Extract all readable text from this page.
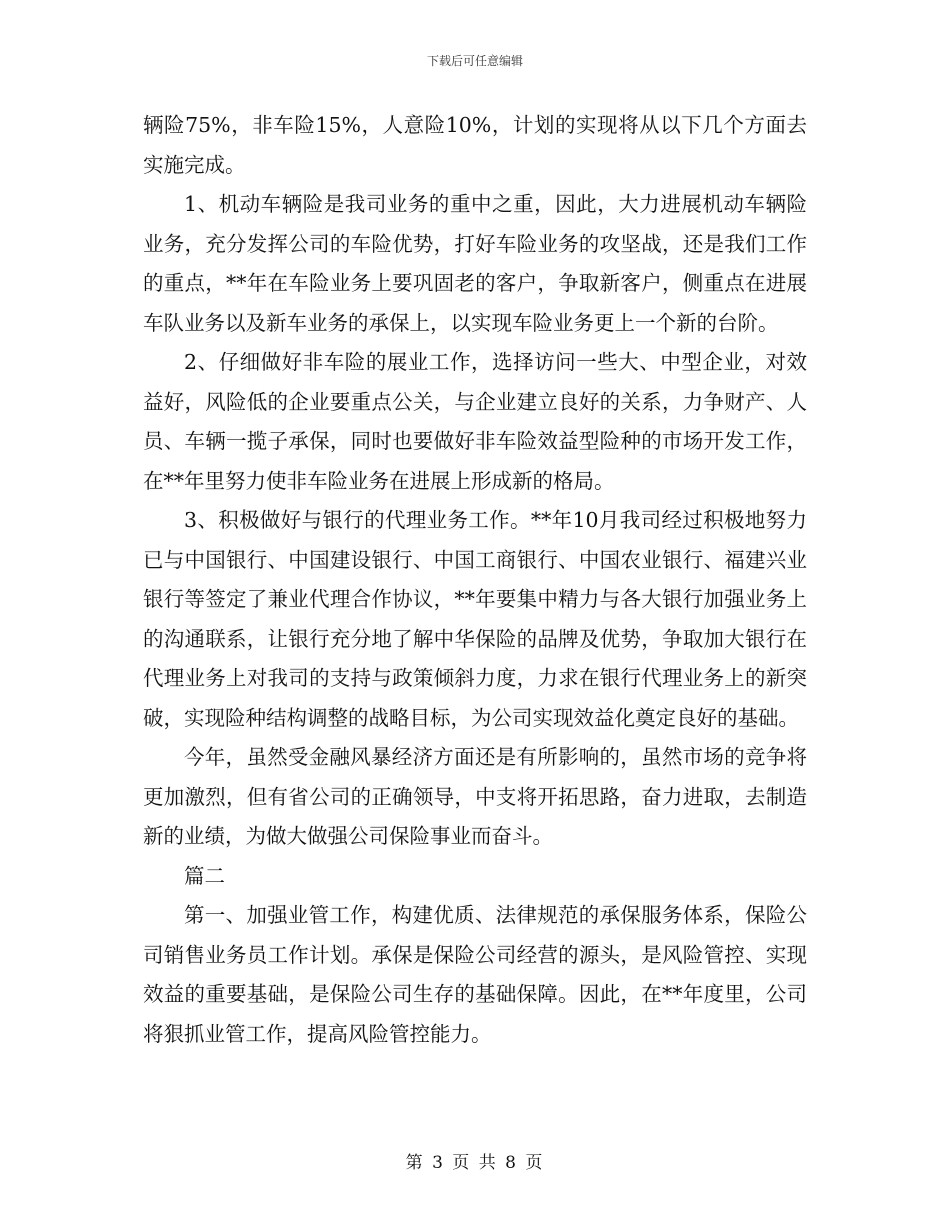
下载后可任意编辑

辆险75%，非车险15%，人意险10%，计划的实现将从以下几个方面去实施完成。

1、机动车辆险是我司业务的重中之重，因此，大力进展机动车辆险业务，充分发挥公司的车险优势，打好车险业务的攻坚战，还是我们工作的重点，**年在车险业务上要巩固老的客户，争取新客户，侧重点在进展车队业务以及新车业务的承保上，以实现车险业务更上一个新的台阶。

2、仔细做好非车险的展业工作，选择访问一些大、中型企业，对效益好，风险低的企业要重点公关，与企业建立良好的关系，力争财产、人员、车辆一揽子承保，同时也要做好非车险效益型险种的市场开发工作，在**年里努力使非车险业务在进展上形成新的格局。

3、积极做好与银行的代理业务工作。**年10月我司经过积极地努力已与中国银行、中国建设银行、中国工商银行、中国农业银行、福建兴业银行等签定了兼业代理合作协议，**年要集中精力与各大银行加强业务上的沟通联系，让银行充分地了解中华保险的品牌及优势，争取加大银行在代理业务上对我司的支持与政策倾斜力度，力求在银行代理业务上的新突破，实现险种结构调整的战略目标，为公司实现效益化奠定良好的基础。

今年，虽然受金融风暴经济方面还是有所影响的，虽然市场的竞争将更加激烈，但有省公司的正确领导，中支将开拓思路，奋力进取，去制造新的业绩，为做大做强公司保险事业而奋斗。

篇二

第一、加强业管工作，构建优质、法律规范的承保服务体系，保险公司销售业务员工作计划。承保是保险公司经营的源头，是风险管控、实现效益的重要基础，是保险公司生存的基础保障。因此，在**年度里，公司将狠抓业管工作，提高风险管控能力。

第 3 页 共 8 页
